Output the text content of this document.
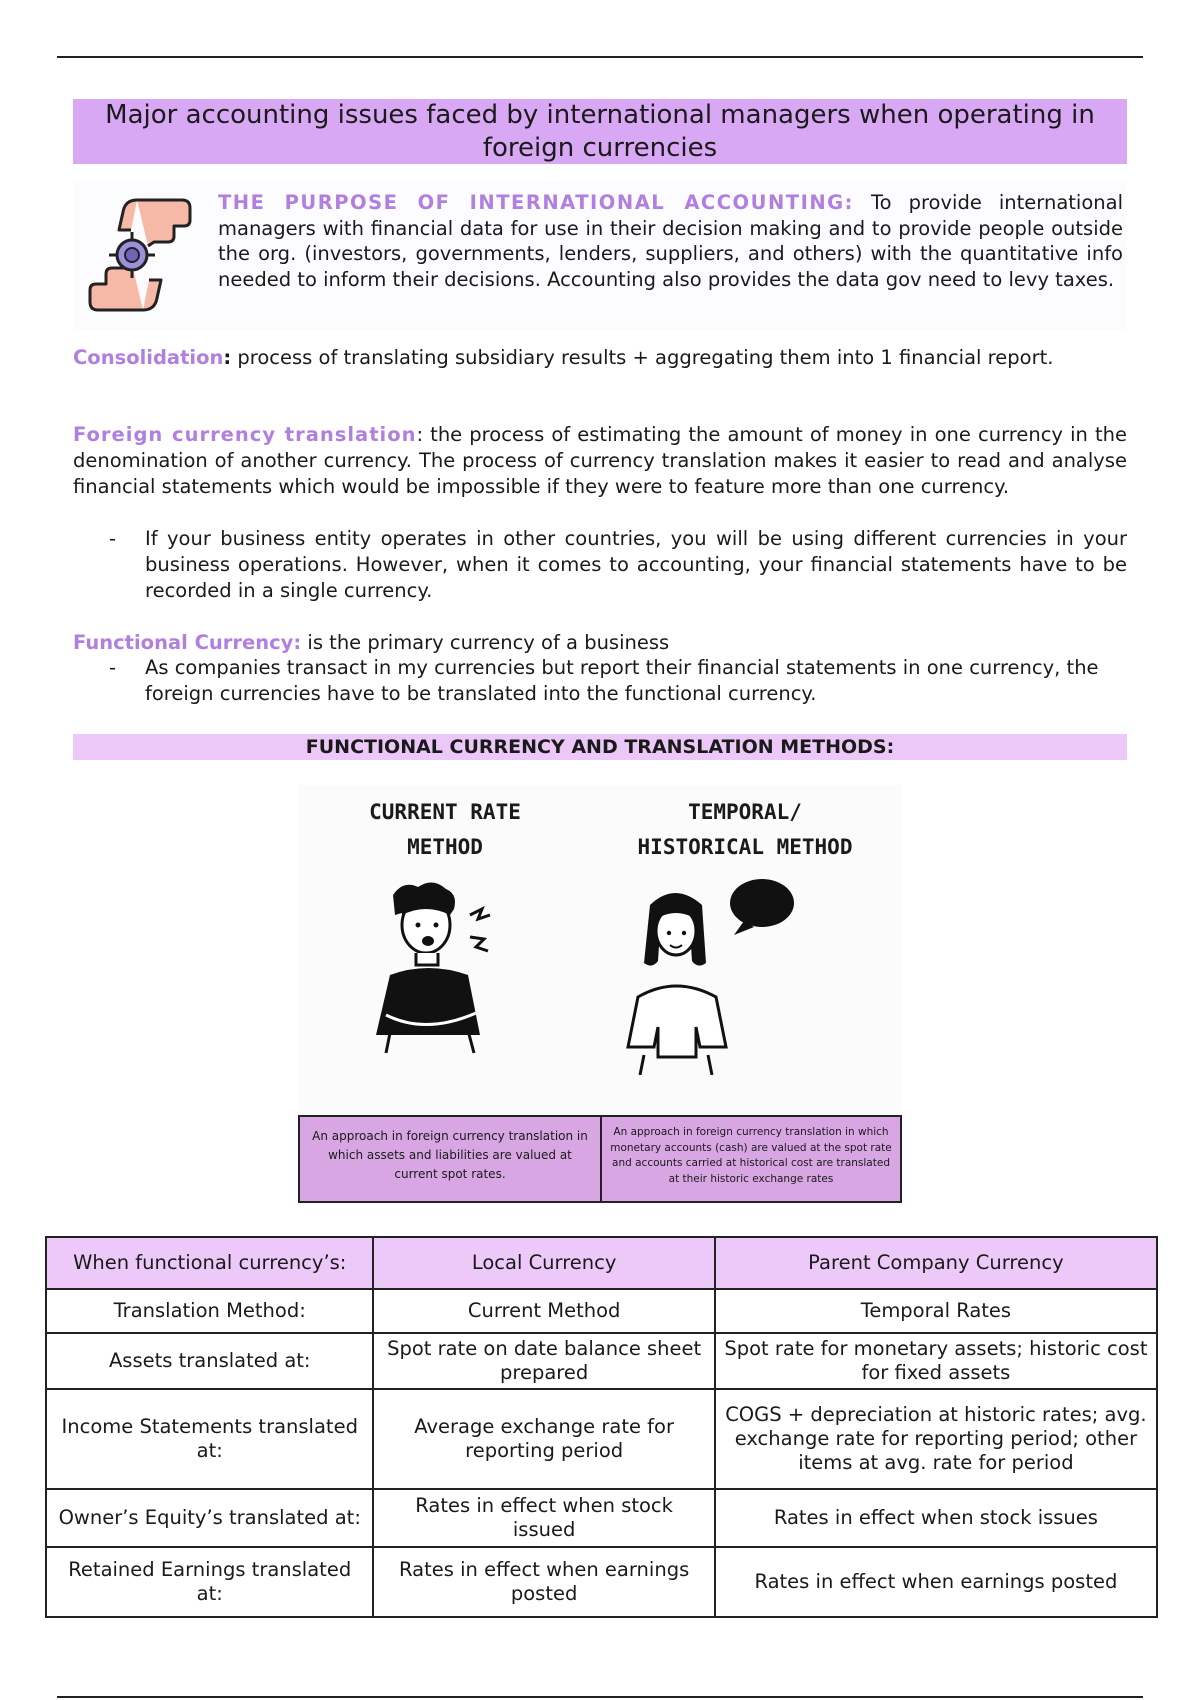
Major accounting issues faced by international managers when operating in foreign currencies
THE PURPOSE OF INTERNATIONAL ACCOUNTING: To provide international managers with financial data for use in their decision making and to provide people outside the org. (investors, governments, lenders, suppliers, and others) with the quantitative info needed to inform their decisions. Accounting also provides the data gov need to levy taxes.
Consolidation: process of translating subsidiary results + aggregating them into 1 financial report.
Foreign currency translation: the process of estimating the amount of money in one currency in the denomination of another currency. The process of currency translation makes it easier to read and analyse financial statements which would be impossible if they were to feature more than one currency.
- If your business entity operates in other countries, you will be using different currencies in your business operations. However, when it comes to accounting, your financial statements have to be recorded in a single currency.
Functional Currency: is the primary currency of a business
- As companies transact in my currencies but report their financial statements in one currency, the foreign currencies have to be translated into the functional currency.
FUNCTIONAL CURRENCY AND TRANSLATION METHODS:
CURRENT RATE
METHOD
TEMPORAL/
HISTORICAL METHOD
An approach in foreign currency translation in which assets and liabilities are valued at current spot rates.
An approach in foreign currency translation in which monetary accounts (cash) are valued at the spot rate and accounts carried at historical cost are translated at their historic exchange rates
When functional currency’s:	Local Currency	Parent Company Currency
Translation Method:	Current Method	Temporal Rates
Assets translated at:	Spot rate on date balance sheet prepared	Spot rate for monetary assets; historic cost for fixed assets
Income Statements translated at:	Average exchange rate for reporting period	COGS + depreciation at historic rates; avg. exchange rate for reporting period; other items at avg. rate for period
Owner’s Equity’s translated at:	Rates in effect when stock issued	Rates in effect when stock issues
Retained Earnings translated at:	Rates in effect when earnings posted	Rates in effect when earnings posted
